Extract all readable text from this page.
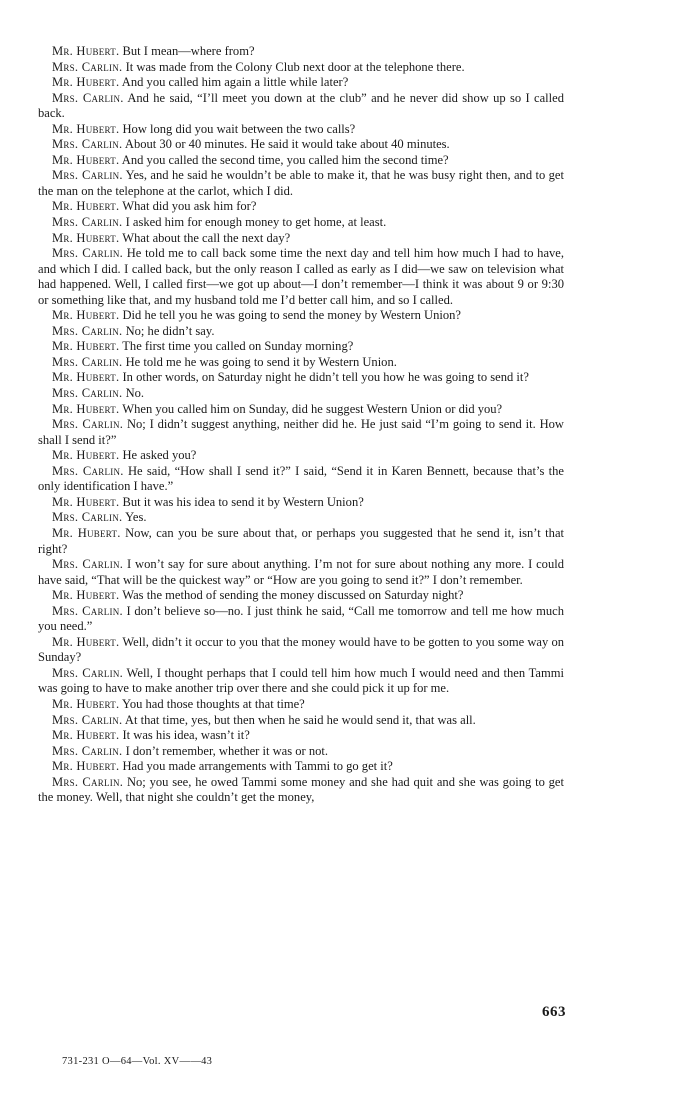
Mr. Hubert. But I mean—where from?

Mrs. Carlin. It was made from the Colony Club next door at the telephone there.

Mr. Hubert. And you called him again a little while later?

Mrs. Carlin. And he said, “I’ll meet you down at the club” and he never did show up so I called back.

Mr. Hubert. How long did you wait between the two calls?

Mrs. Carlin. About 30 or 40 minutes. He said it would take about 40 minutes.

Mr. Hubert. And you called the second time, you called him the second time?

Mrs. Carlin. Yes, and he said he wouldn’t be able to make it, that he was busy right then, and to get the man on the telephone at the carlot, which I did.

Mr. Hubert. What did you ask him for?

Mrs. Carlin. I asked him for enough money to get home, at least.

Mr. Hubert. What about the call the next day?

Mrs. Carlin. He told me to call back some time the next day and tell him how much I had to have, and which I did. I called back, but the only reason I called as early as I did—we saw on television what had happened. Well, I called first—we got up about—I don’t remember—I think it was about 9 or 9:30 or something like that, and my husband told me I’d better call him, and so I called.

Mr. Hubert. Did he tell you he was going to send the money by Western Union?

Mrs. Carlin. No; he didn’t say.

Mr. Hubert. The first time you called on Sunday morning?

Mrs. Carlin. He told me he was going to send it by Western Union.

Mr. Hubert. In other words, on Saturday night he didn’t tell you how he was going to send it?

Mrs. Carlin. No.

Mr. Hubert. When you called him on Sunday, did he suggest Western Union or did you?

Mrs. Carlin. No; I didn’t suggest anything, neither did he. He just said “I’m going to send it. How shall I send it?”

Mr. Hubert. He asked you?

Mrs. Carlin. He said, “How shall I send it?” I said, “Send it in Karen Bennett, because that’s the only identification I have.”

Mr. Hubert. But it was his idea to send it by Western Union?

Mrs. Carlin. Yes.

Mr. Hubert. Now, can you be sure about that, or perhaps you suggested that he send it, isn’t that right?

Mrs. Carlin. I won’t say for sure about anything. I’m not for sure about nothing any more. I could have said, “That will be the quickest way” or “How are you going to send it?” I don’t remember.

Mr. Hubert. Was the method of sending the money discussed on Saturday night?

Mrs. Carlin. I don’t believe so—no. I just think he said, “Call me tomorrow and tell me how much you need.”

Mr. Hubert. Well, didn’t it occur to you that the money would have to be gotten to you some way on Sunday?

Mrs. Carlin. Well, I thought perhaps that I could tell him how much I would need and then Tammi was going to have to make another trip over there and she could pick it up for me.

Mr. Hubert. You had those thoughts at that time?

Mrs. Carlin. At that time, yes, but then when he said he would send it, that was all.

Mr. Hubert. It was his idea, wasn’t it?

Mrs. Carlin. I don’t remember, whether it was or not.

Mr. Hubert. Had you made arrangements with Tammi to go get it?

Mrs. Carlin. No; you see, he owed Tammi some money and she had quit and she was going to get the money. Well, that night she couldn’t get the money,

663
731-231 O—64—Vol. XV——43
